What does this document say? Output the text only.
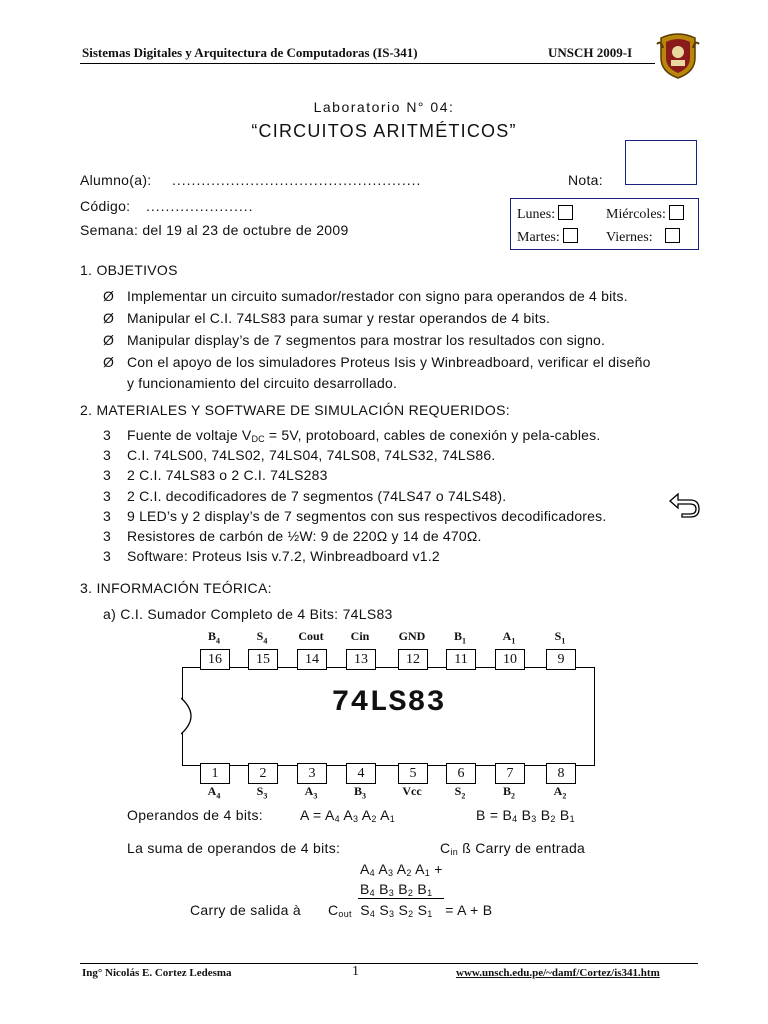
Sistemas Digitales y Arquitectura de Computadoras (IS-341)	UNSCH 2009-I
Laboratorio N° 04:
“CIRCUITOS ARITMÉTICOS”
Alumno(a): ...................................................	Nota:
Código: ......................
Semana: del 19 al 23 de octubre de 2009
Lunes:	Miércoles:
Martes:	Viernes:
1. OBJETIVOS
Ø Implementar un circuito sumador/restador con signo para operandos de 4 bits.
Ø Manipular el C.I. 74LS83 para sumar y restar operandos de 4 bits.
Ø Manipular display’s de 7 segmentos para mostrar los resultados con signo.
Ø Con el apoyo de los simuladores Proteus Isis y Winbreadboard, verificar el diseño
y funcionamiento del circuito desarrollado.
2. MATERIALES Y SOFTWARE DE SIMULACIÓN REQUERIDOS:
3 Fuente de voltaje $V_{DC} = 5V$, protoboard, cables de conexión y pela-cables.
3 C.I. 74LS00, 74LS02, 74LS04, 74LS08, 74LS32, 74LS86.
3 2 C.I. 74LS83 o 2 C.I. 74LS283
3 2 C.I. decodificadores de 7 segmentos (74LS47 o 74LS48).
3 9 LED’s y 2 display’s de 7 segmentos con sus respectivos decodificadores.
3 Resistores de carbón de ½W: 9 de 220Ω y 14 de 470Ω.
3 Software: Proteus Isis v.7.2, Winbreadboard v1.2
3. INFORMACIÓN TEÓRICA:
a) C.I. Sumador Completo de 4 Bits: 74LS83
74LS83
16
$B_4$
15
$S_4$
14
Cout
13
Cin
12
GND
11
$B_1$
10
$A_1$
9
$S_1$
1
$A_4$
2
$S_3$
3
$A_3$
4
$B_3$
5
Vcc
6
$S_2$
7
$B_2$
8
$A_2$
Operandos de 4 bits:	$A = A_4$ $A_3$ $A_2$ $A_1$	$B = B_4$ $B_3$ $B_2$ $B_1$
La suma de operandos de 4 bits:	$C_{in}$ ß Carry de entrada
$A_4$ $A_3$ $A_2$ $A_1$ +
$B_4$ $B_3$ $B_2$ $B_1$
Carry de salida à $C_{out}$  $S_4$ $S_3$ $S_2$ $S_1 = A + B$
Ing° Nicolás E. Cortez Ledesma	1	www.unsch.edu.pe/~damf/Cortez/is341.htm
